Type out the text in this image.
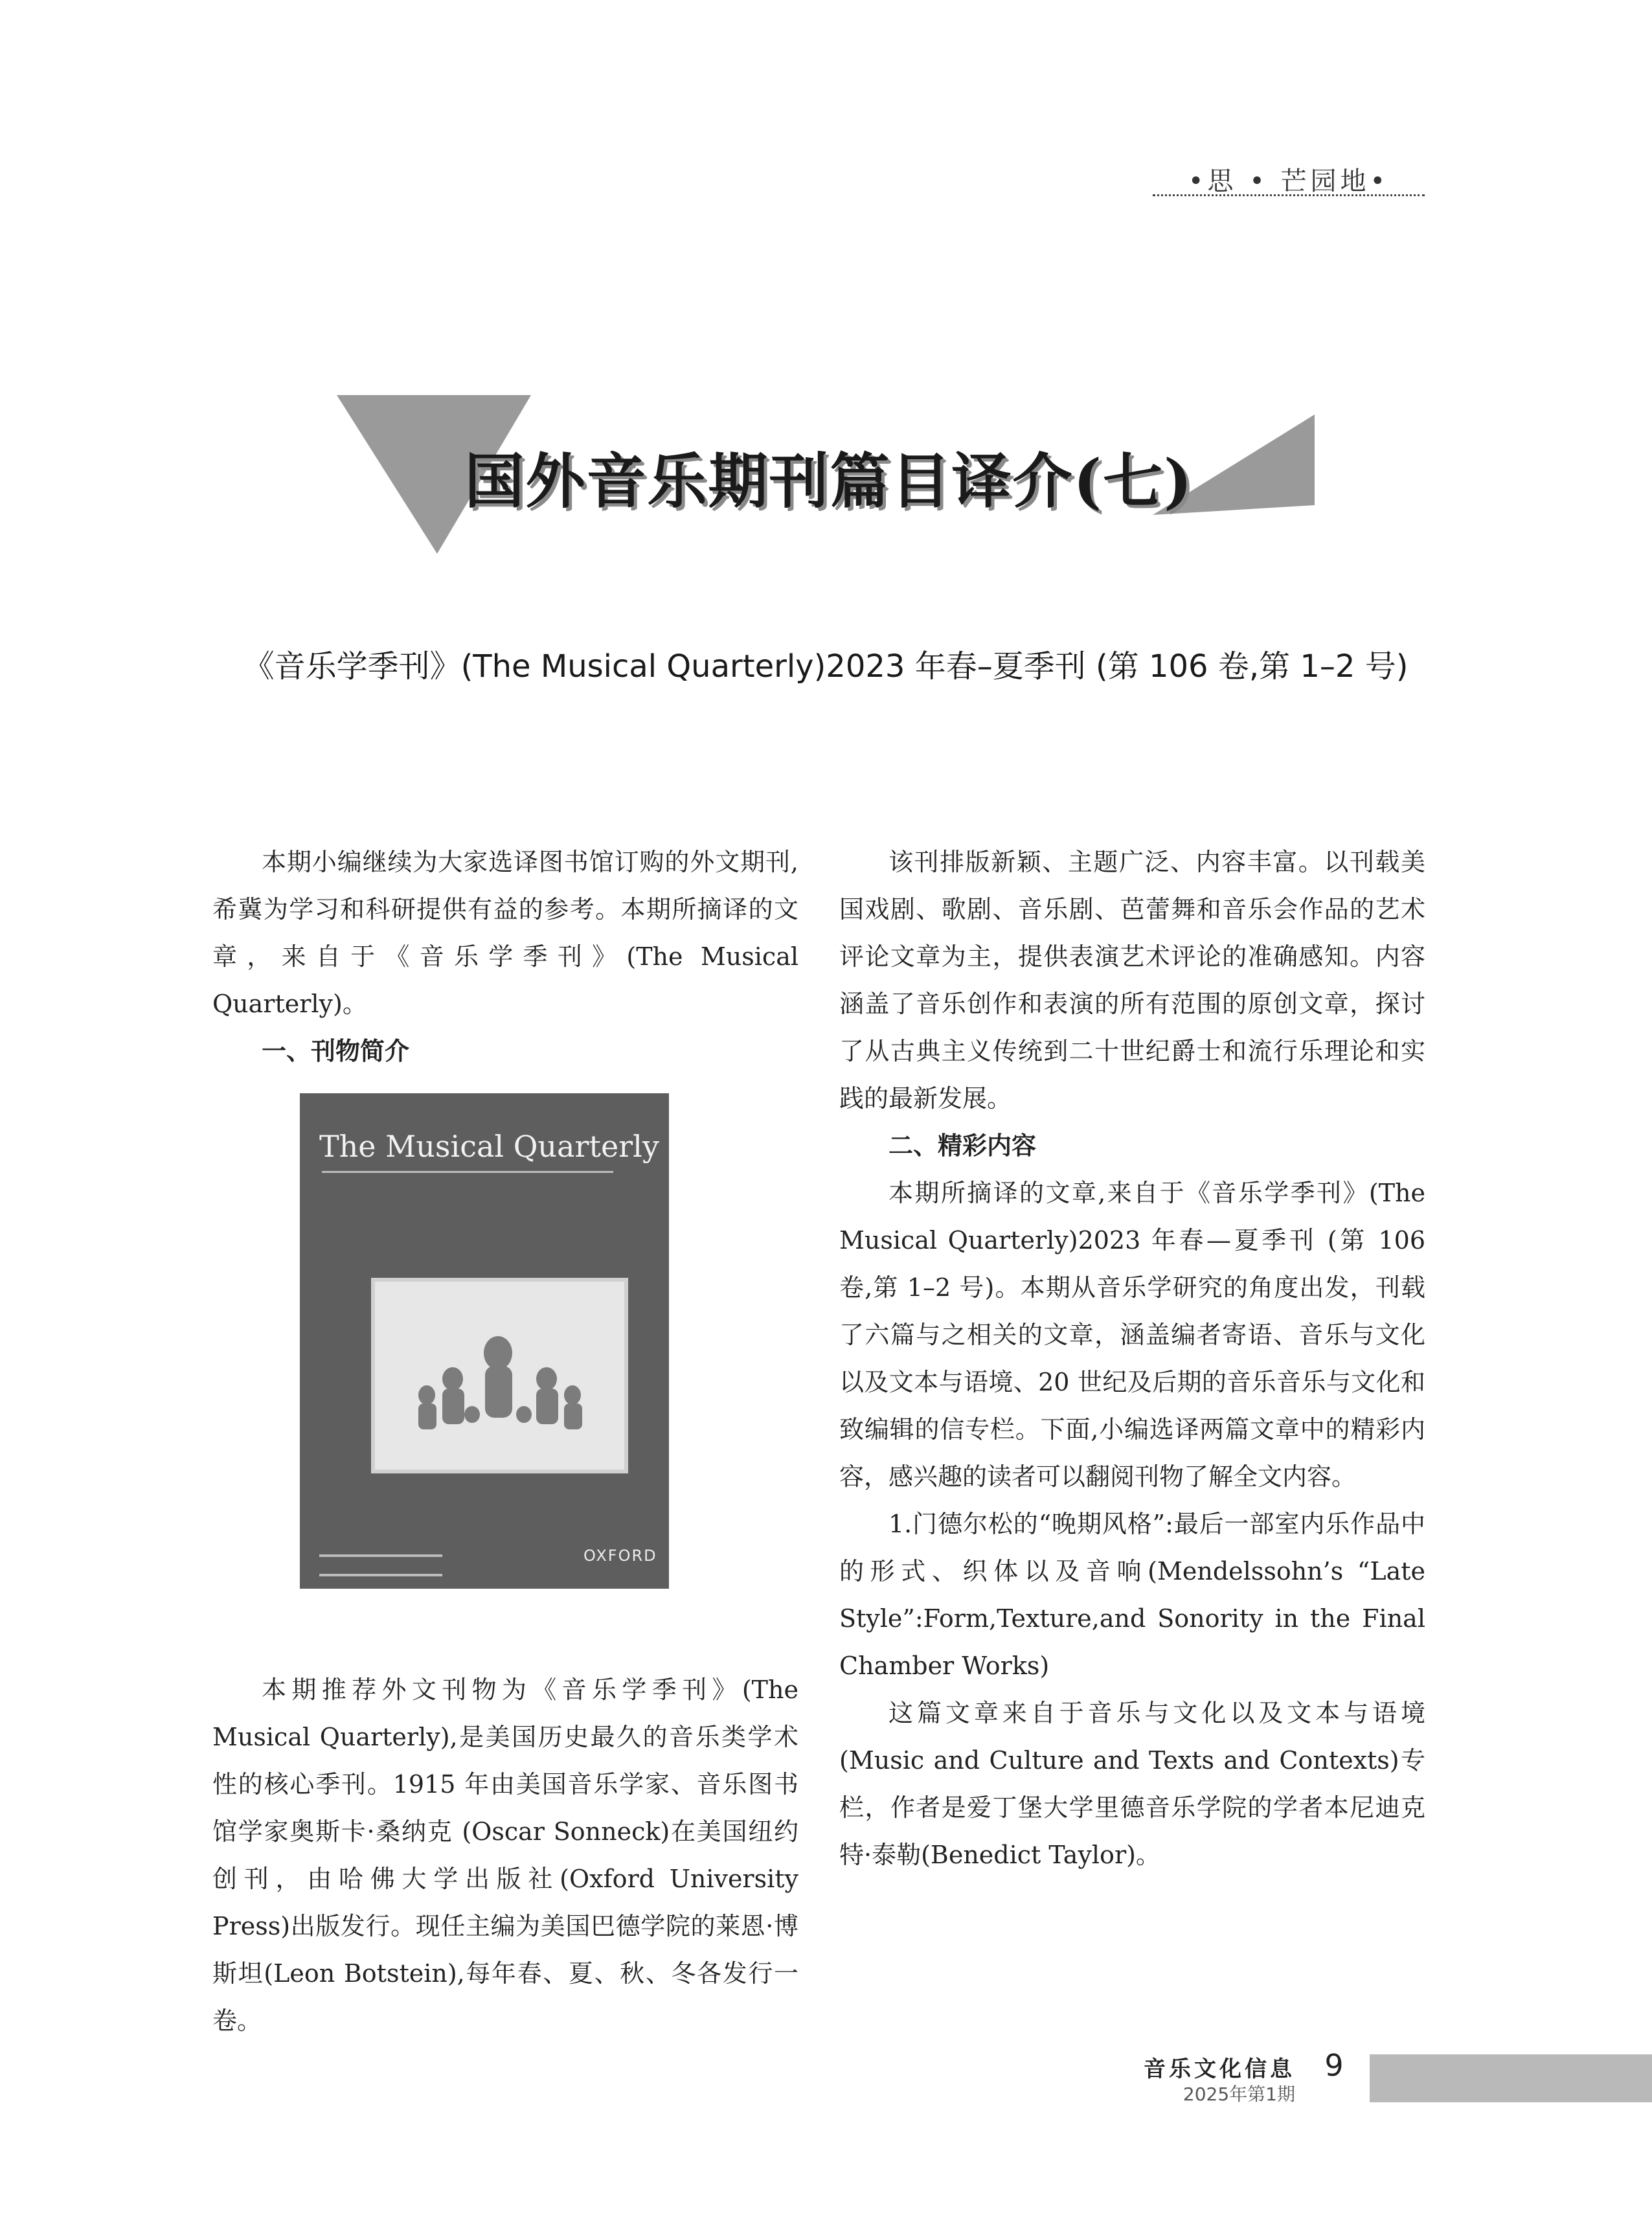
•思 • 芒园地•
国外音乐期刊篇目译介(七)
《音乐学季刊》(The Musical Quarterly)2023 年春–夏季刊 (第 106 卷,第 1–2 号)

本期小编继续为大家选译图书馆订购的外文期刊,希冀为学习和科研提供有益的参考。本期所摘译的文章，来自于《音乐学季刊》(The Musical Quarterly)。

一、刊物简介
The Musical Quarterly
OXFORD

本期推荐外文刊物为《音乐学季刊》(The Musical Quarterly),是美国历史最久的音乐类学术性的核心季刊。1915 年由美国音乐学家、音乐图书馆学家奥斯卡·桑纳克 (Oscar Sonneck)在美国纽约创刊，由哈佛大学出版社(Oxford University Press)出版发行。现任主编为美国巴德学院的莱恩·博斯坦(Leon Botstein),每年春、夏、秋、冬各发行一卷。

该刊排版新颖、主题广泛、内容丰富。以刊载美国戏剧、歌剧、音乐剧、芭蕾舞和音乐会作品的艺术评论文章为主，提供表演艺术评论的准确感知。内容涵盖了音乐创作和表演的所有范围的原创文章，探讨了从古典主义传统到二十世纪爵士和流行乐理论和实践的最新发展。

二、精彩内容

本期所摘译的文章,来自于《音乐学季刊》(The Musical Quarterly)2023 年春—夏季刊 (第 106 卷,第 1–2 号)。本期从音乐学研究的角度出发，刊载了六篇与之相关的文章，涵盖编者寄语、音乐与文化以及文本与语境、20 世纪及后期的音乐音乐与文化和致编辑的信专栏。下面,小编选译两篇文章中的精彩内容，感兴趣的读者可以翻阅刊物了解全文内容。

1.门德尔松的“晚期风格”:最后一部室内乐作品中的形式、织体以及音响(Mendelssohn’s “Late Style”:Form,Texture,and Sonority in the Final Chamber Works)

这篇文章来自于音乐与文化以及文本与语境(Music and Culture and Texts and Contexts)专栏，作者是爱丁堡大学里德音乐学院的学者本尼迪克特·泰勒(Benedict Taylor)。

音乐文化信息
2025年第1期
9
